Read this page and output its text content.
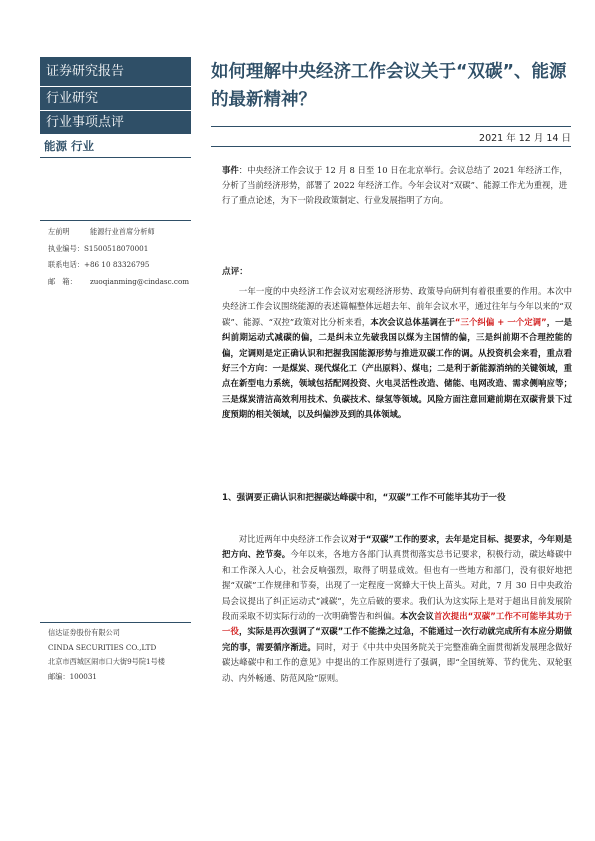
证券研究报告
行业研究
行业事项点评
能源 行业
如何理解中央经济工作会议关于“双碳”、能源的最新精神？
2021 年 12 月 14 日
左前明	能源行业首席分析师
执业编号：S1500518070001
联系电话：+86 10 83326795
邮　箱： zuoqianming@cindasc.com
信达证券股份有限公司
CINDA SECURITIES CO.,LTD
北京市西城区闹市口大街9号院1号楼
邮编：100031
事件：中央经济工作会议于 12 月 8 日至 10 日在北京举行。会议总结了 2021 年经济工作，分析了当前经济形势，部署了 2022 年经济工作。今年会议对“双碳”、能源工作尤为重视，进行了重点论述，为下一阶段政策制定、行业发展指明了方向。
点评：
一年一度的中央经济工作会议对宏观经济形势、政策导向研判有着很重要的作用。本次中央经济工作会议围绕能源的表述篇幅整体远超去年、前年会议水平，通过往年与今年以来的“双碳”、能源、“双控”政策对比分析来看，本次会议总体基调在于“三个纠偏 + 一个定调”，一是纠前期运动式减碳的偏，二是纠未立先破我国以煤为主国情的偏，三是纠前期不合理控能的偏，定调则是定正确认识和把握我国能源形势与推进双碳工作的调。从投资机会来看，重点看好三个方向：一是煤炭、现代煤化工（产出原料）、煤电；二是利于新能源消纳的关键领域，重点在新型电力系统，领域包括配网投资、火电灵活性改造、储能、电网改造、需求侧响应等；三是煤炭清洁高效利用技术、负碳技术、绿氢等领域。风险方面注意回避前期在双碳背景下过度预期的相关领域，以及纠偏涉及到的具体领域。
1、强调要正确认识和把握碳达峰碳中和，“双碳”工作不可能毕其功于一役
对比近两年中央经济工作会议对于“双碳”工作的要求，去年是定目标、提要求，今年则是把方向、控节奏。今年以来，各地方各部门认真贯彻落实总书记要求，积极行动，碳达峰碳中和工作深入人心，社会反响强烈，取得了明显成效。但也有一些地方和部门，没有很好地把握“双碳”工作规律和节奏，出现了一定程度一窝蜂大干快上苗头。对此，7 月 30 日中央政治局会议提出了纠正运动式“减碳”，先立后破的要求。我们认为这实际上是对于超出目前发展阶段而采取不切实际行动的一次明确警告和纠偏。本次会议首次提出“双碳”工作不可能毕其功于一役，实际是再次强调了“双碳”工作不能操之过急，不能通过一次行动就完成所有本应分期做完的事，需要循序渐进。同时，对于《中共中央国务院关于完整准确全面贯彻新发展理念做好碳达峰碳中和工作的意见》中提出的工作原则进行了强调，即“全国统筹、节约优先、双轮驱动、内外畅通、防范风险”原则。
